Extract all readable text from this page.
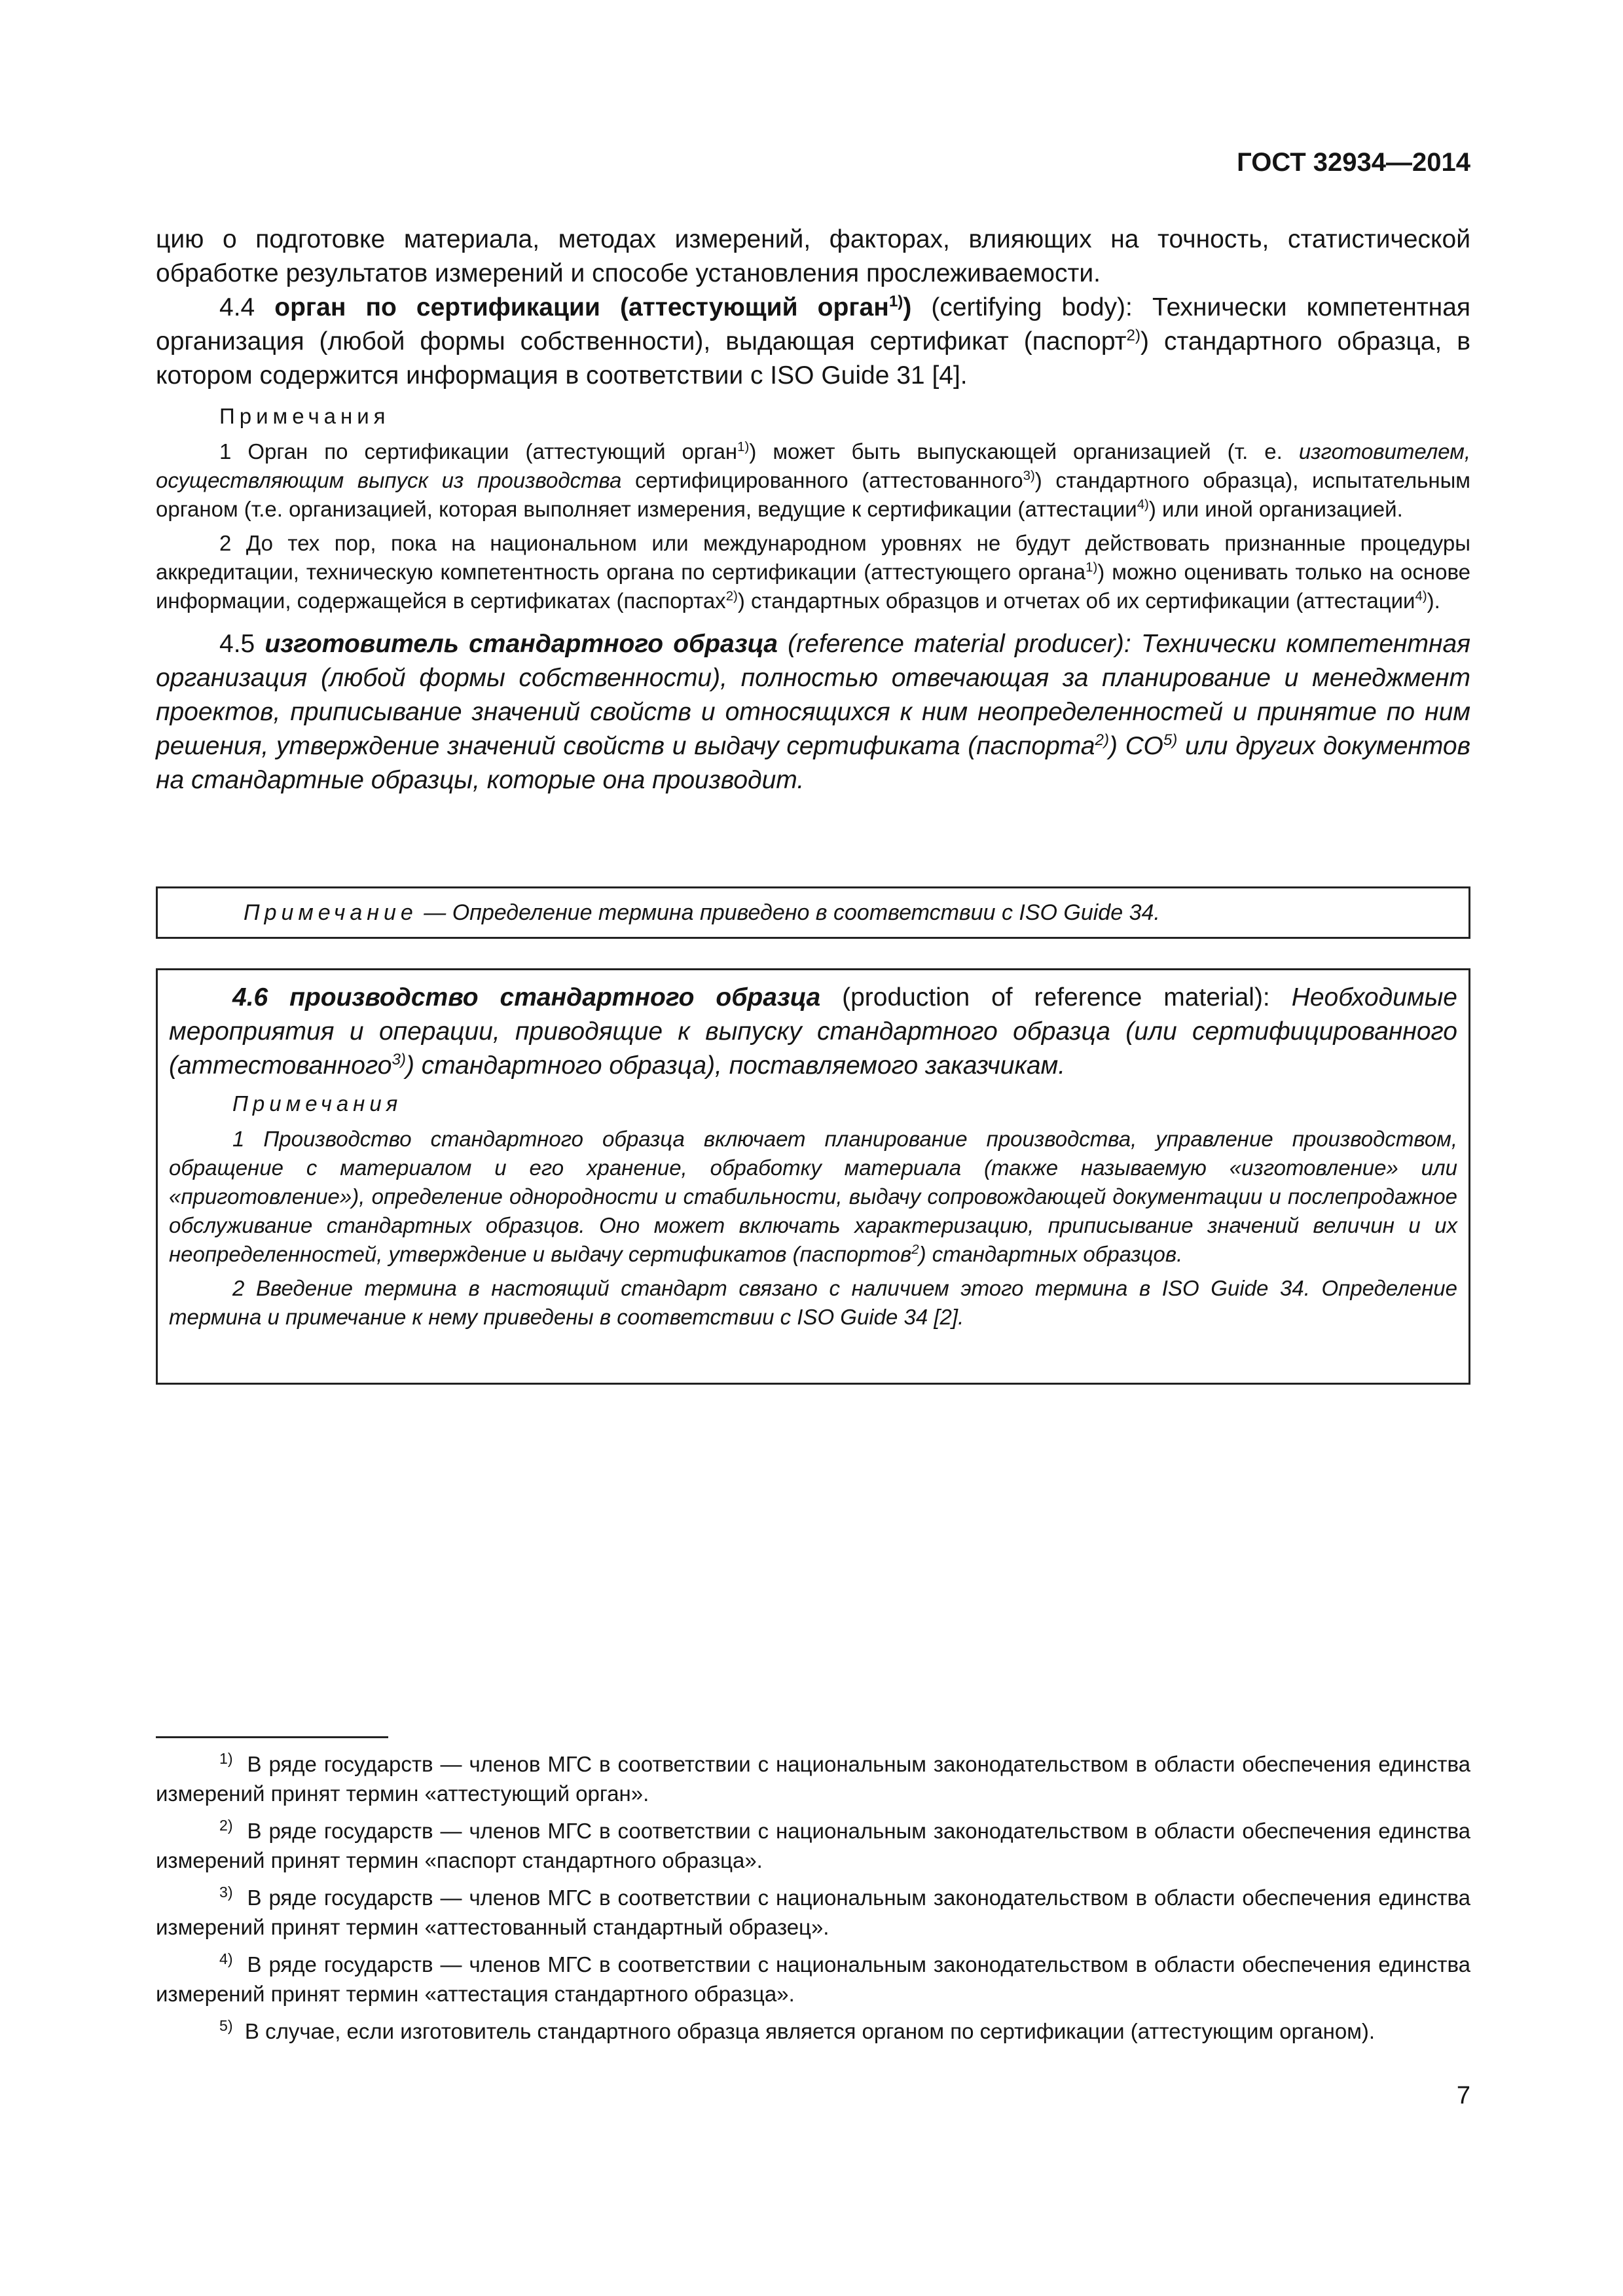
ГОСТ 32934—2014

цию о подготовке материала, методах измерений, факторах, влияющих на точность, статистической обработке результатов измерений и способе установления прослеживаемости.

4.4 орган по сертификации (аттестующий орган$^{1)}$) (certifying body): Технически компетентная организация (любой формы собственности), выдающая сертификат (паспорт$^{2)}$) стандартного образца, в котором содержится информация в соответствии с ISO Guide 31 [4].

Примечания

1 Орган по сертификации (аттестующий орган$^{1)}$) может быть выпускающей организацией (т. е. изготовителем, осуществляющим выпуск из производства сертифицированного (аттестованного$^{3)}$) стандартного образца), испытательным органом (т.е. организацией, которая выполняет измерения, ведущие к сертификации (аттестации$^{4)}$) или иной организацией.

2 До тех пор, пока на национальном или международном уровнях не будут действовать признанные процедуры аккредитации, техническую компетентность органа по сертификации (аттестующего органа$^{1)}$) можно оценивать только на основе информации, содержащейся в сертификатах (паспортах$^{2)}$) стандартных образцов и отчетах об их сертификации (аттестации$^{4)}$).

4.5 изготовитель стандартного образца (reference material producer): Технически компетентная организация (любой формы собственности), полностью отвечающая за планирование и менеджмент проектов, приписывание значений свойств и относящихся к ним неопределенностей и принятие по ним решения, утверждение значений свойств и выдачу сертификата (паспорта$^{2)}$) СО$^{5)}$ или других документов на стандартные образцы, которые она производит.

Примечание — Определение термина приведено в соответствии с ISO Guide 34.

4.6 производство стандартного образца (production of reference material): Необходимые мероприятия и операции, приводящие к выпуску стандартного образца (или сертифицированного (аттестованного$^{3)}$) стандартного образца), поставляемого заказчикам.

Примечания

1 Производство стандартного образца включает планирование производства, управление производством, обращение с материалом и его хранение, обработку материала (также называемую «изготовление» или «приготовление»), определение однородности и стабильности, выдачу сопровождающей документации и послепродажное обслуживание стандартных образцов. Оно может включать характеризацию, приписывание значений величин и их неопределенностей, утверждение и выдачу сертификатов (паспортов$^2$) стандартных образцов.

2 Введение термина в настоящий стандарт связано с наличием этого термина в ISO Guide 34. Определение термина и примечание к нему приведены в соответствии с ISO Guide 34 [2].

$^{1)}$ В ряде государств — членов МГС в соответствии с национальным законодательством в области обеспечения единства измерений принят термин «аттестующий орган».

$^{2)}$ В ряде государств — членов МГС в соответствии с национальным законодательством в области обеспечения единства измерений принят термин «паспорт стандартного образца».

$^{3)}$ В ряде государств — членов МГС в соответствии с национальным законодательством в области обеспечения единства измерений принят термин «аттестованный стандартный образец».

$^{4)}$ В ряде государств — членов МГС в соответствии с национальным законодательством в области обеспечения единства измерений принят термин «аттестация стандартного образца».

$^{5)}$ В случае, если изготовитель стандартного образца является органом по сертификации (аттестующим органом).

7
